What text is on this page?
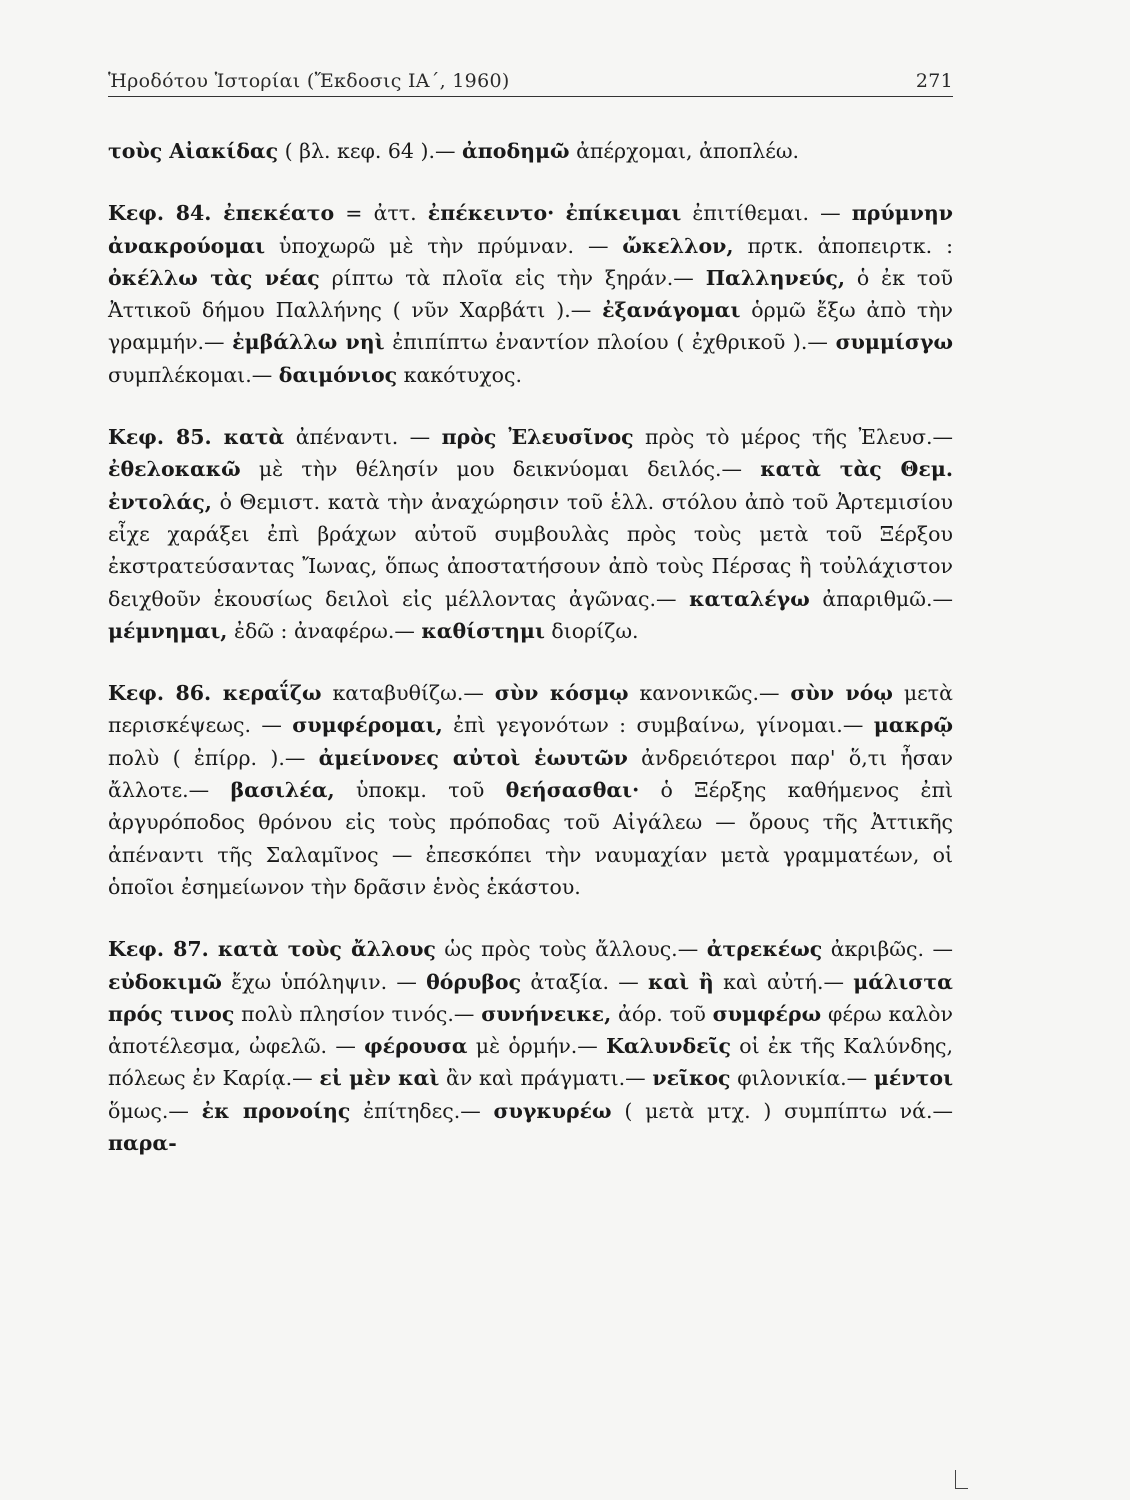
Ἡροδότου Ἱστορίαι (Ἔκδοσις ΙΑ΄, 1960)	271

τοὺς Αἰακίδας ( βλ. κεφ. 64 ).— ἀποδημῶ ἀπέρχομαι, ἀποπλέω.

Κεφ. 84. ἐπεκέατο = ἀττ. ἐπέκειντο· ἐπίκειμαι ἐπιτίθεμαι. — πρύμνην ἀνακρούομαι ὑποχωρῶ μὲ τὴν πρύμναν. — ὤκελλον, πρτκ. ἀποπειρτκ. : ὀκέλλω τὰς νέας ρίπτω τὰ πλοῖα εἰς τὴν ξηράν.— Παλληνεύς, ὁ ἐκ τοῦ Ἀττικοῦ δήμου Παλλήνης ( νῦν Χαρβάτι ).— ἐξανάγομαι ὁρμῶ ἔξω ἀπὸ τὴν γραμμήν.— ἐμβάλλω νηὶ ἐπιπίπτω ἐναντίον πλοίου ( ἐχθρικοῦ ).— συμμίσγω συμπλέκομαι.— δαιμόνιος κακότυχος.

Κεφ. 85. κατὰ ἀπέναντι. — πρὸς Ἐλευσῖνος πρὸς τὸ μέρος τῆς Ἐλευσ.— ἐθελοκακῶ μὲ τὴν θέλησίν μου δεικνύομαι δειλός.— κατὰ τὰς Θεμ. ἐντολάς, ὁ Θεμιστ. κατὰ τὴν ἀναχώρησιν τοῦ ἑλλ. στόλου ἀπὸ τοῦ Ἀρτεμισίου εἶχε χαράξει ἐπὶ βράχων αὐτοῦ συμβουλὰς πρὸς τοὺς μετὰ τοῦ Ξέρξου ἐκστρατεύσαντας Ἴωνας, ὅπως ἀποστατήσουν ἀπὸ τοὺς Πέρσας ἢ τοὐλάχιστον δειχθοῦν ἑκουσίως δειλοὶ εἰς μέλλοντας ἀγῶνας.— καταλέγω ἀπαριθμῶ.— μέμνημαι, ἐδῶ : ἀναφέρω.— καθίστημι διορίζω.

Κεφ. 86. κεραΐζω καταβυθίζω.— σὺν κόσμῳ κανονικῶς.— σὺν νόῳ μετὰ περισκέψεως. — συμφέρομαι, ἐπὶ γεγονότων : συμβαίνω, γίνομαι.— μακρῷ πολὺ ( ἐπίρρ. ).— ἀμείνονες αὐτοὶ ἑωυτῶν ἀνδρειότεροι παρ' ὅ,τι ἦσαν ἄλλοτε.— βασιλέα, ὑποκμ. τοῦ θεήσασθαι· ὁ Ξέρξης καθήμενος ἐπὶ ἀργυρόποδος θρόνου εἰς τοὺς πρόποδας τοῦ Αἰγάλεω — ὄρους τῆς Ἀττικῆς ἀπέναντι τῆς Σαλαμῖνος — ἐπεσκόπει τὴν ναυμαχίαν μετὰ γραμματέων, οἱ ὁποῖοι ἐσημείωνον τὴν δρᾶσιν ἑνὸς ἑκάστου.

Κεφ. 87. κατὰ τοὺς ἄλλους ὡς πρὸς τοὺς ἄλλους.— ἀτρεκέως ἀκριβῶς. — εὐδοκιμῶ ἔχω ὑπόληψιν. — θόρυβος ἀταξία. — καὶ ἢ καὶ αὐτή.— μάλιστα πρός τινος πολὺ πλησίον τινός.— συνήνεικε, ἀόρ. τοῦ συμφέρω φέρω καλὸν ἀποτέλεσμα, ὠφελῶ. — φέρουσα μὲ ὁρμήν.— Καλυνδεῖς οἱ ἐκ τῆς Καλύνδης, πόλεως ἐν Καρίᾳ.— εἰ μὲν καὶ ἂν καὶ πράγματι.— νεῖκος φιλονικία.— μέντοι ὅμως.— ἐκ προνοίης ἐπίτηδες.— συγκυρέω ( μετὰ μτχ. ) συμπίπτω νά.— παρα-
